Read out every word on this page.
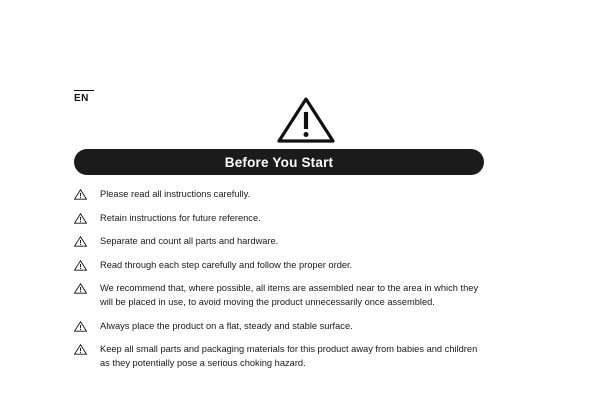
EN
Before You Start
Please read all instructions carefully.
Retain instructions for future reference.
Separate and count all parts and hardware.
Read through each step carefully and follow the proper order.
We recommend that, where possible, all items are assembled near to the area in which they will be placed in use, to avoid moving the product unnecessarily once assembled.
Always place the product on a flat, steady and stable surface.
Keep all small parts and packaging materials for this product away from babies and children as they potentially pose a serious choking hazard.
